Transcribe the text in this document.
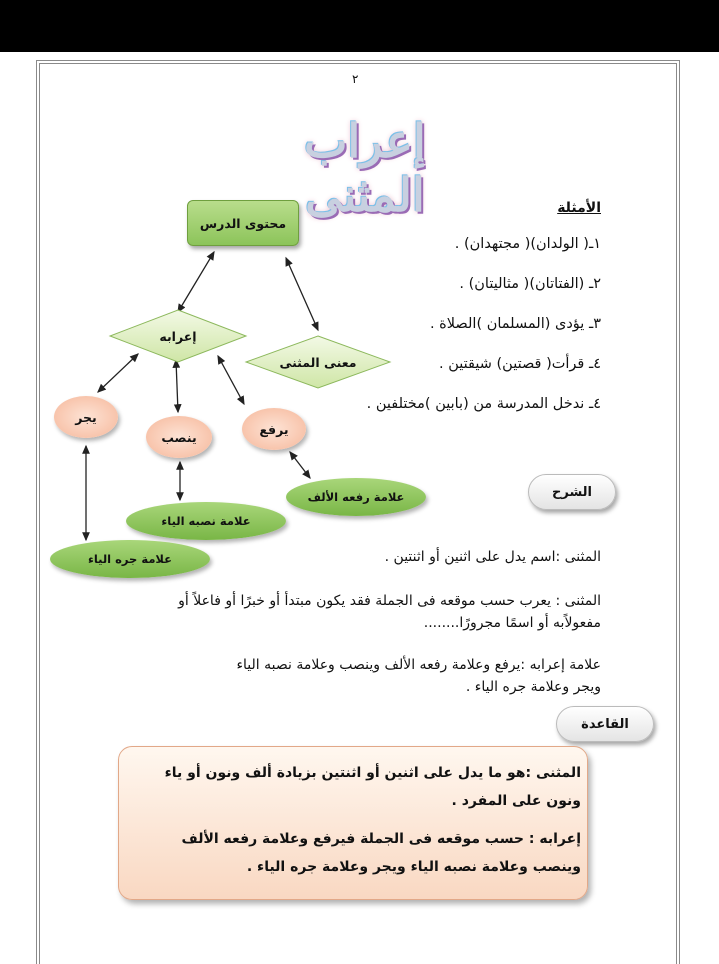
٢
إعراب المثنى	الأمثلة
١ـ( الولدان)( مجتهدان) .
٢ـ (الفتاتان)( مثاليتان) .
٣ـ يؤدى (المسلمان )الصلاة .
٤ـ قرأت( قصتين) شيقتين .
٤ـ ندخل المدرسة من (بابين )مختلفين .
محتوى الدرس
إعرابه
معنى المثنى
يجر
ينصب
يرفع
علامة رفعه الألف
علامة نصبه الياء
علامة جره الياء
الشرح
المثنى :اسم يدل على اثنين أو اثنتين .
المثنى : يعرب حسب موقعه فى الجملة فقد يكون مبتدأ أو خبرًا أو فاعلاً أو
مفعولاًبه أو اسمًا مجرورًا........
علامة إعرابه :يرفع وعلامة رفعه الألف وينصب وعلامة نصبه الياء
ويجر وعلامة جره الياء .
القاعدة
المثنى :هو ما يدل على اثنين أو اثنتين بزيادة ألف ونون أو ياء
ونون على المفرد .
إعرابه : حسب موقعه فى الجملة فيرفع وعلامة رفعه الألف
وينصب وعلامة نصبه الياء ويجر وعلامة جره الياء .
